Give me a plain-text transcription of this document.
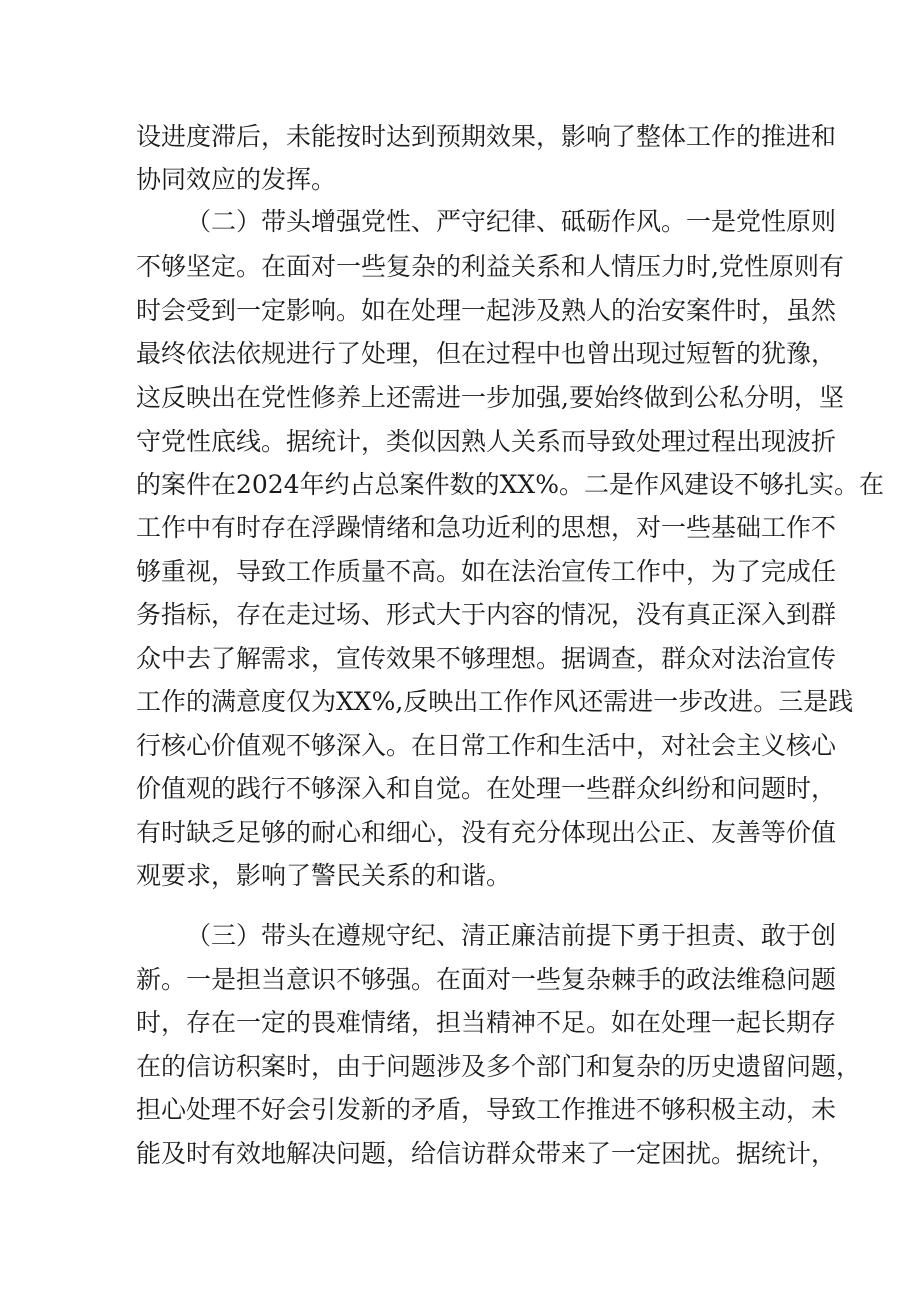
设进度滞后，未能按时达到预期效果，影响了整体工作的推进和

协同效应的发挥。

（二）带头增强党性、严守纪律、砥砺作风。一是党性原则

不够坚定。在面对一些复杂的利益关系和人情压力时,党性原则有

时会受到一定影响。如在处理一起涉及熟人的治安案件时，虽然

最终依法依规进行了处理，但在过程中也曾出现过短暂的犹豫，

这反映出在党性修养上还需进一步加强,要始终做到公私分明，坚

守党性底线。据统计，类似因熟人关系而导致处理过程出现波折

的案件在2024年约占总案件数的XX%。二是作风建设不够扎实。在

工作中有时存在浮躁情绪和急功近利的思想，对一些基础工作不

够重视，导致工作质量不高。如在法治宣传工作中，为了完成任

务指标，存在走过场、形式大于内容的情况，没有真正深入到群

众中去了解需求，宣传效果不够理想。据调查，群众对法治宣传

工作的满意度仅为XX%,反映出工作作风还需进一步改进。三是践

行核心价值观不够深入。在日常工作和生活中，对社会主义核心

价值观的践行不够深入和自觉。在处理一些群众纠纷和问题时，

有时缺乏足够的耐心和细心，没有充分体现出公正、友善等价值

观要求，影响了警民关系的和谐。

（三）带头在遵规守纪、清正廉洁前提下勇于担责、敢于创

新。一是担当意识不够强。在面对一些复杂棘手的政法维稳问题

时，存在一定的畏难情绪，担当精神不足。如在处理一起长期存

在的信访积案时，由于问题涉及多个部门和复杂的历史遗留问题，

担心处理不好会引发新的矛盾，导致工作推进不够积极主动，未

能及时有效地解决问题，给信访群众带来了一定困扰。据统计，
